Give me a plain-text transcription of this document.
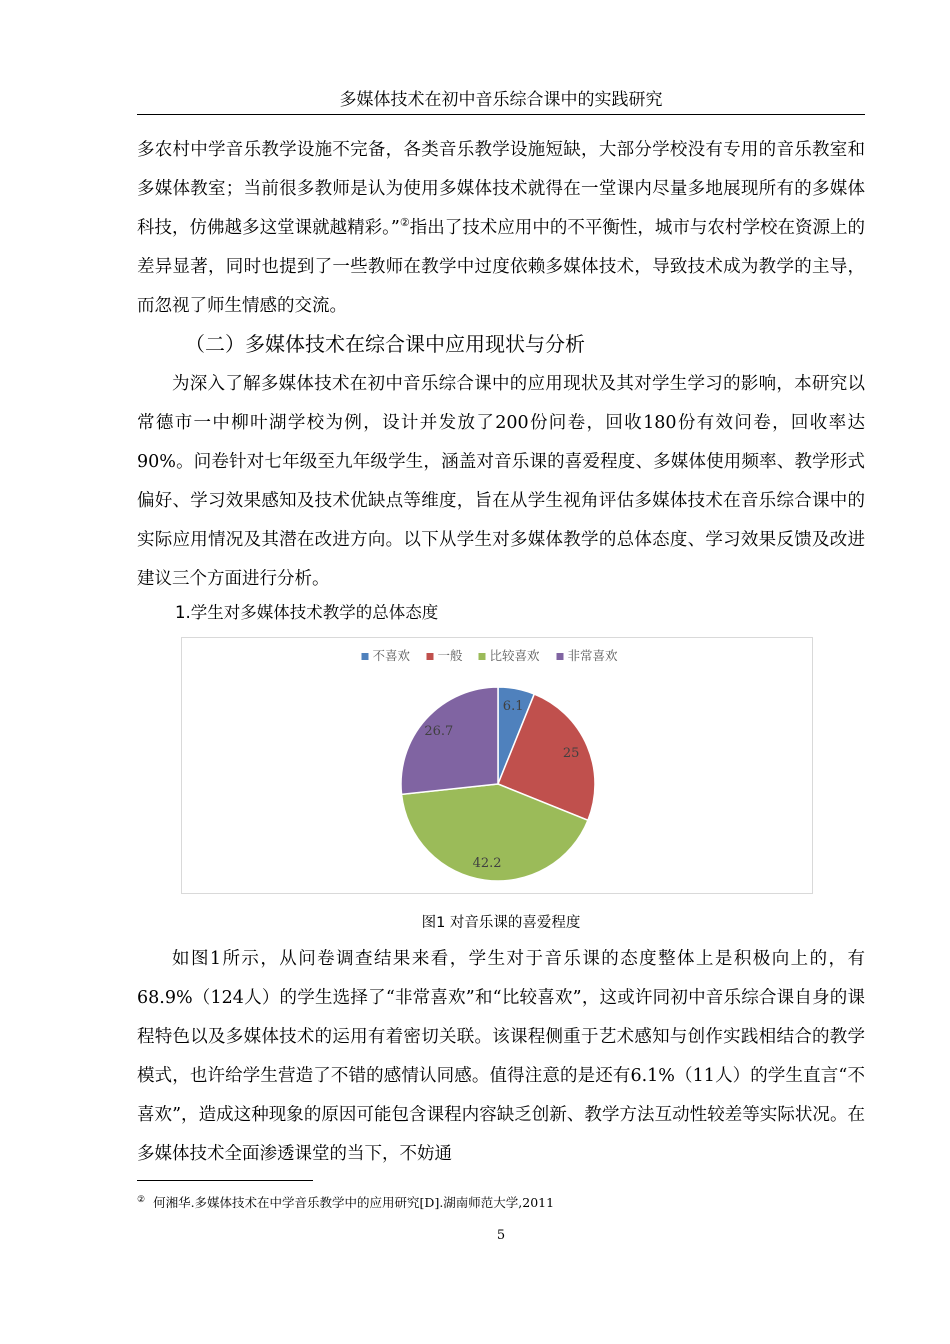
多媒体技术在初中音乐综合课中的实践研究

多农村中学音乐教学设施不完备，各类音乐教学设施短缺，大部分学校没有专用的音乐教室和多媒体教室；当前很多教师是认为使用多媒体技术就得在一堂课内尽量多地展现所有的多媒体科技，仿佛越多这堂课就越精彩。”②指出了技术应用中的不平衡性，城市与农村学校在资源上的差异显著，同时也提到了一些教师在教学中过度依赖多媒体技术，导致技术成为教学的主导，而忽视了师生情感的交流。

（二）多媒体技术在综合课中应用现状与分析

为深入了解多媒体技术在初中音乐综合课中的应用现状及其对学生学习的影响，本研究以常德市一中柳叶湖学校为例，设计并发放了200份问卷，回收180份有效问卷，回收率达90%。问卷针对七年级至九年级学生，涵盖对音乐课的喜爱程度、多媒体使用频率、教学形式偏好、学习效果感知及技术优缺点等维度，旨在从学生视角评估多媒体技术在音乐综合课中的实际应用情况及其潜在改进方向。以下从学生对多媒体教学的总体态度、学习效果反馈及改进建议三个方面进行分析。

1.学生对多媒体技术教学的总体态度
不喜欢 一般 比较喜欢 非常喜欢
6.1
25
42.2
26.7
图1 对音乐课的喜爱程度

如图1所示，从问卷调查结果来看，学生对于音乐课的态度整体上是积极向上的，有68.9%（124人）的学生选择了“非常喜欢”和“比较喜欢”，这或许同初中音乐综合课自身的课程特色以及多媒体技术的运用有着密切关联。该课程侧重于艺术感知与创作实践相结合的教学模式，也许给学生营造了不错的感情认同感。值得注意的是还有6.1%（11人）的学生直言“不喜欢”，造成这种现象的原因可能包含课程内容缺乏创新、教学方法互动性较差等实际状况。在多媒体技术全面渗透课堂的当下，不妨通

② 何湘华.多媒体技术在中学音乐教学中的应用研究[D].湖南师范大学,2011
5
